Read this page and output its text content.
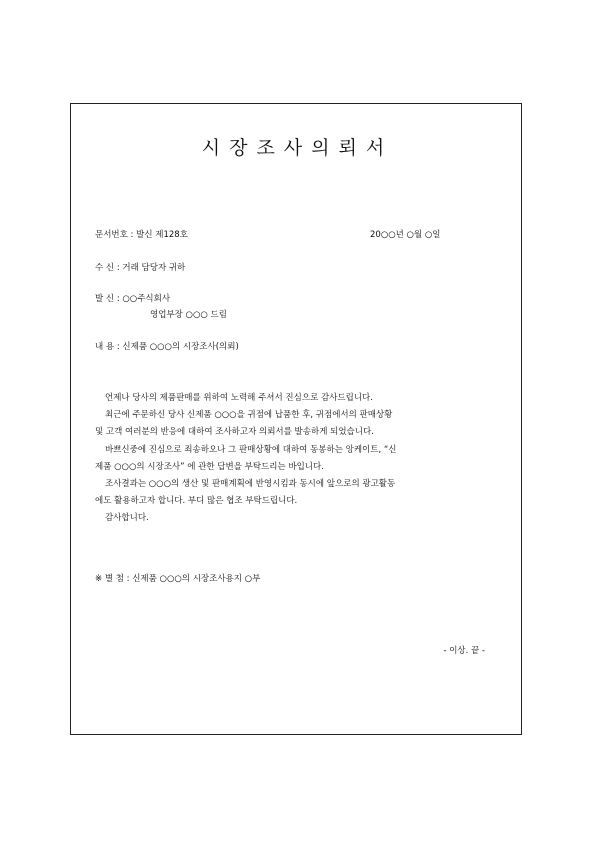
시장조사의뢰서
문서번호 : 발신 제128호	20○○년 ○월 ○일
수 신 : 거래 담당자 귀하
발 신 : ○○주식회사
영업부장 ○○○ 드림
내 용 : 신제품 ○○○의 시장조사(의뢰)

언제나 당사의 제품판매를 위하여 노력해 주셔서 진심으로 감사드립니다.

최근에 주문하신 당사 신제품 ○○○을 귀점에 납품한 후, 귀점에서의 판매상황

및 고객 여러분의 반응에 대하여 조사하고자 의뢰서를 발송하게 되었습니다.

바쁘신중에 진심으로 죄송하오나 그 판매상황에 대하여 동봉하는 앙케이트, “신

제품 ○○○의 시장조사” 에 관한 답변을 부탁드리는 바입니다.

조사결과는 ○○○의 생산 및 판매계획에 반영시킴과 동시에 앞으로의 광고활동

에도 활용하고자 합니다. 부디 많은 협조 부탁드립니다.

감사합니다.

※ 별 첨 : 신제품 ○○○의 시장조사용지 ○부
- 이상. 끝 -
